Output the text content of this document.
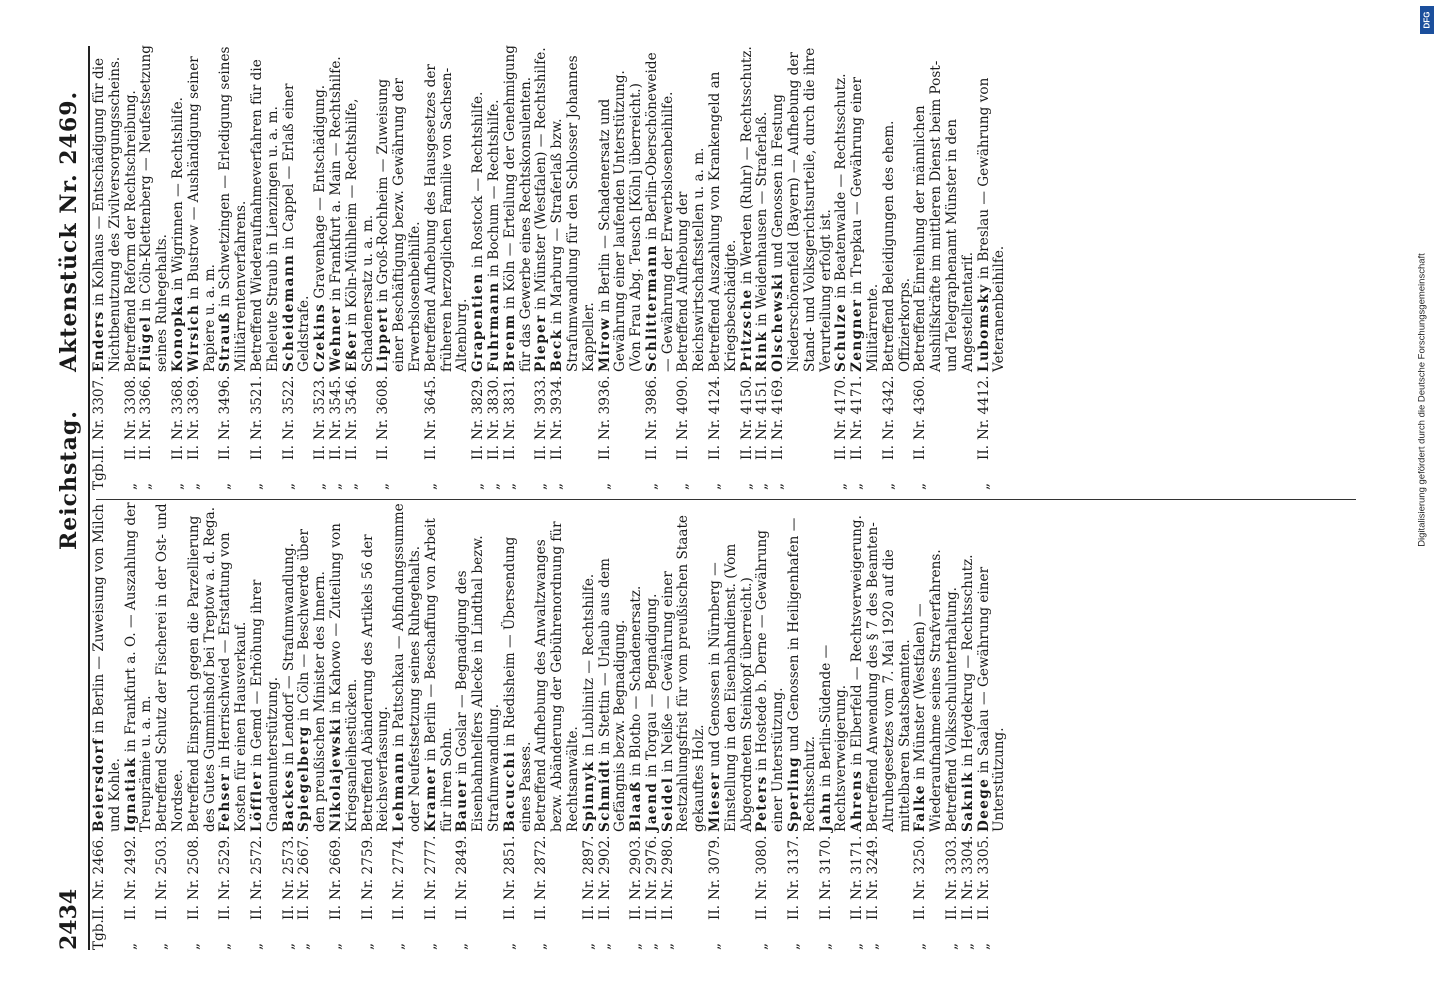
2434
Reichstag.
Aktenstück Nr. 2469.
Tgb.
II.
Nr. 2466.
Beiersdorf in Berlin — Zuweisung von Milch und Kohle.
„
II.
Nr. 2492.
Ignatiak in Frankfurt a. O. — Auszahlung der Treuprämie u. a. m.
„
II.
Nr. 2503.
Betreffend Schutz der Fischerei in der Ost- und Nordsee.
„
II.
Nr. 2508.
Betreffend Einspruch gegen die Parzellierung des Gutes Gumminshof bei Treptow a. d. Rega.
„
II.
Nr. 2529.
Fehser in Herrischwied — Erstattung von Kosten für einen Hausverkauf.
„
II.
Nr. 2572.
Löffler in Gemd — Erhöhung ihrer Gnadenunterstützung.
„
II.
Nr. 2573.
Backes in Lendorf — Strafumwandlung.
„
II.
Nr. 2667.
Spiegelberg in Cöln — Beschwerde über den preußischen Minister des Innern.
„
II.
Nr. 2669.
Nikolajewski in Kahowo — Zuteilung von Kriegsanleihestücken.
„
II.
Nr. 2759.
Betreffend Abänderung des Artikels 56 der Reichsverfassung.
„
II.
Nr. 2774.
Lehmann in Pattschkau — Abfindungssumme oder Neufestsetzung seines Ruhegehalts.
„
II.
Nr. 2777.
Kramer in Berlin — Beschaffung von Arbeit für ihren Sohn.
„
II.
Nr. 2849.
Bauer in Goslar — Begnadigung des Eisenbahnhelfers Allecke in Lindthal bezw. Strafumwandlung.
„
II.
Nr. 2851.
Bacucchi in Riedisheim — Übersendung eines Passes.
„
II.
Nr. 2872.
Betreffend Aufhebung des Anwaltzwanges bezw. Abänderung der Gebührenordnung für Rechtsanwälte.
„
II.
Nr. 2897.
Spinnyk in Lublinitz — Rechtshilfe.
„
II.
Nr. 2902.
Schmidt in Stettin — Urlaub aus dem Gefängnis bezw. Begnadigung.
„
II.
Nr. 2903.
Blaaß in Blotho — Schadenersatz.
„
II.
Nr. 2976.
Jaend in Torgau — Begnadigung.
„
II.
Nr. 2980.
Seidel in Neiße — Gewährung einer Restzahlungsfrist für vom preußischen Staate gekauftes Holz.
„
II.
Nr. 3079.
Mieser und Genossen in Nürnberg — Einstellung in den Eisenbahndienst. (Vom Abgeordneten Steinkopf überreicht.)
„
II.
Nr. 3080.
Peters in Hostede b. Derne — Gewährung einer Unterstützung.
„
II.
Nr. 3137.
Sperling und Genossen in Heiligenhafen — Rechtsschutz.
„
II.
Nr. 3170.
Jahn in Berlin-Südende — Rechtsverweigerung.
„
II.
Nr. 3171.
Ahrens in Elberfeld — Rechtsverweigerung.
„
II.
Nr. 3249.
Betreffend Anwendung des § 7 des Beamten-Altruhegesetzes vom 7. Mai 1920 auf die mittelbaren Staatsbeamten.
„
II.
Nr. 3250.
Falke in Münster (Westfalen) — Wiederaufnahme seines Strafverfahrens.
„
II.
Nr. 3303.
Betreffend Volksschulunterhaltung.
„
II.
Nr. 3304.
Saknik in Heydekrug — Rechtsschutz.
„
II.
Nr. 3305.
Deege in Saalau — Gewährung einer Unterstützung.
Tgb.
II.
Nr. 3307.
Enders in Kolhaus — Entschädigung für die Nichtbenutzung des Zivilversorgungsscheins.
„
II.
Nr. 3308.
Betreffend Reform der Rechtschreibung.
„
II.
Nr. 3366.
Flügel in Cöln-Klettenberg — Neufestsetzung seines Ruhegehalts.
„
II.
Nr. 3368.
Konopka in Wigrinnen — Rechtshilfe.
„
II.
Nr. 3369.
Wirsich in Bustrow — Aushändigung seiner Papiere u. a. m.
„
II.
Nr. 3496.
Strauß in Schwetzingen — Erledigung seines Militärrentenverfahrens.
„
II.
Nr. 3521.
Betreffend Wiederaufnahmeverfahren für die Eheleute Straub in Lienzingen u. a. m.
„
II.
Nr. 3522.
Scheidemann in Cappel — Erlaß einer Geldstrafe.
„
II.
Nr. 3523.
Czekins Gravenhage — Entschädigung.
„
II.
Nr. 3545.
Wehner in Frankfurt a. Main — Rechtshilfe.
„
II.
Nr. 3546.
Eßer in Köln-Mühlheim — Rechtshilfe, Schadenersatz u. a. m.
„
II.
Nr. 3608.
Lippert in Groß-Rochheim — Zuweisung einer Beschäftigung bezw. Gewährung der Erwerbslosenbeihilfe.
„
II.
Nr. 3645.
Betreffend Aufhebung des Hausgesetzes der früheren herzoglichen Familie von Sachsen-Altenburg.
„
II.
Nr. 3829.
Grapentien in Rostock — Rechtshilfe.
„
II.
Nr. 3830.
Fuhrmann in Bochum — Rechtshilfe.
„
II.
Nr. 3831.
Brenm in Köln — Erteilung der Genehmigung für das Gewerbe eines Rechtskonsulenten.
„
II.
Nr. 3933.
Pieper in Münster (Westfalen) — Rechtshilfe.
„
II.
Nr. 3934.
Beck in Marburg — Straferlaß bzw. Strafumwandlung für den Schlosser Johannes Kappeller.
„
II.
Nr. 3936.
Mirow in Berlin — Schadenersatz und Gewährung einer laufenden Unterstützung. (Von Frau Abg. Teusch [Köln] überreicht.)
„
II.
Nr. 3986.
Schlittermann in Berlin-Oberschöneweide — Gewährung der Erwerbslosenbeihilfe.
„
II.
Nr. 4090.
Betreffend Aufhebung der Reichswirtschaftsstellen u. a. m.
„
II.
Nr. 4124.
Betreffend Auszahlung von Krankengeld an Kriegsbeschädigte.
„
II.
Nr. 4150.
Pritzsche in Werden (Ruhr) — Rechtsschutz.
„
II.
Nr. 4151.
Rink in Weidenhausen — Straferlaß.
„
II.
Nr. 4169.
Olschewski und Genossen in Festung Niederschönenfeld (Bayern) — Aufhebung der Stand- und Volksgerichtsurteile, durch die ihre Verurteilung erfolgt ist.
„
II.
Nr. 4170.
Schulze in Beatenwalde — Rechtsschutz.
„
II.
Nr. 4171.
Zengner in Trepkau — Gewährung einer Militärrente.
„
II.
Nr. 4342.
Betreffend Beleidigungen des ehem. Offizierkorps.
„
II.
Nr. 4360.
Betreffend Einreihung der männlichen Aushilfskräfte im mittleren Dienst beim Post- und Telegraphenamt Münster in den Angestelltentarif.
„
II.
Nr. 4412.
Lubomsky in Breslau — Gewährung von Veteranenbeihilfe.	Digitalisierung gefördert durch die Deutsche Forschungsgemeinschaft
DFG
